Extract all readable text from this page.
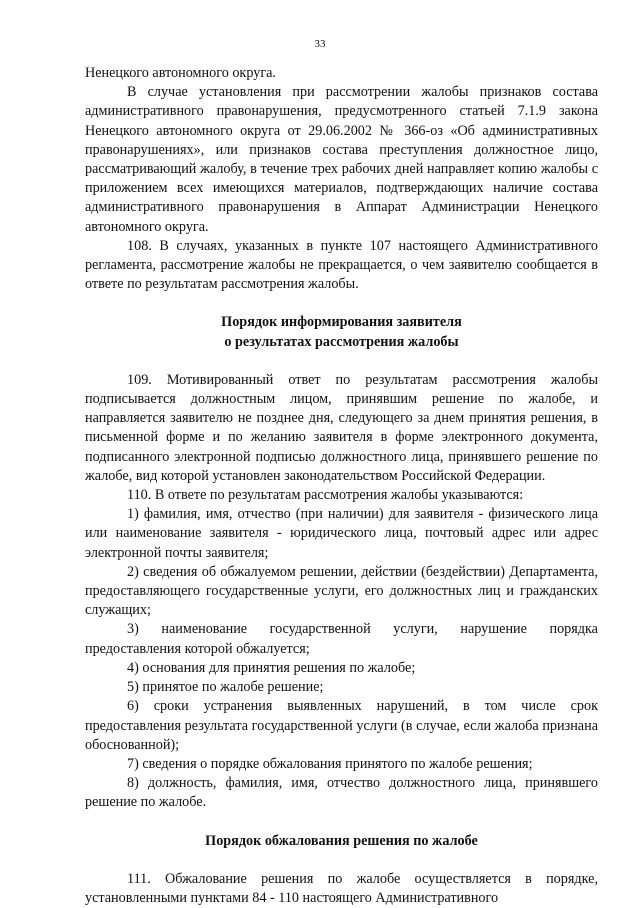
33

Ненецкого автономного округа.

В случае установления при рассмотрении жалобы признаков состава административного правонарушения, предусмотренного статьей 7.1.9 закона Ненецкого автономного округа от 29.06.2002 № 366-оз «Об административных правонарушениях», или признаков состава преступления должностное лицо, рассматривающий жалобу, в течение трех рабочих дней направляет копию жалобы с приложением всех имеющихся материалов, подтверждающих наличие состава административного правонарушения в Аппарат Администрации Ненецкого автономного округа.

108. В случаях, указанных в пункте 107 настоящего Административного регламента, рассмотрение жалобы не прекращается, о чем заявителю сообщается в ответе по результатам рассмотрения жалобы.

Порядок информирования заявителя

о результатах рассмотрения жалобы

109. Мотивированный ответ по результатам рассмотрения жалобы подписывается должностным лицом, принявшим решение по жалобе, и направляется заявителю не позднее дня, следующего за днем принятия решения, в письменной форме и по желанию заявителя в форме электронного документа, подписанного электронной подписью должностного лица, принявшего решение по жалобе, вид которой установлен законодательством Российской Федерации.

110. В ответе по результатам рассмотрения жалобы указываются:

1) фамилия, имя, отчество (при наличии) для заявителя - физического лица или наименование заявителя - юридического лица, почтовый адрес или адрес электронной почты заявителя;

2) сведения об обжалуемом решении, действии (бездействии) Департамента, предоставляющего государственные услуги, его должностных лиц и гражданских служащих;

3) наименование государственной услуги, нарушение порядка предоставления которой обжалуется;

4) основания для принятия решения по жалобе;

5) принятое по жалобе решение;

6) сроки устранения выявленных нарушений, в том числе срок предоставления результата государственной услуги (в случае, если жалоба признана обоснованной);

7) сведения о порядке обжалования принятого по жалобе решения;

8) должность, фамилия, имя, отчество должностного лица, принявшего решение по жалобе.

Порядок обжалования решения по жалобе

111. Обжалование решения по жалобе осуществляется в порядке, установленными пунктами 84 - 110 настоящего Административного
